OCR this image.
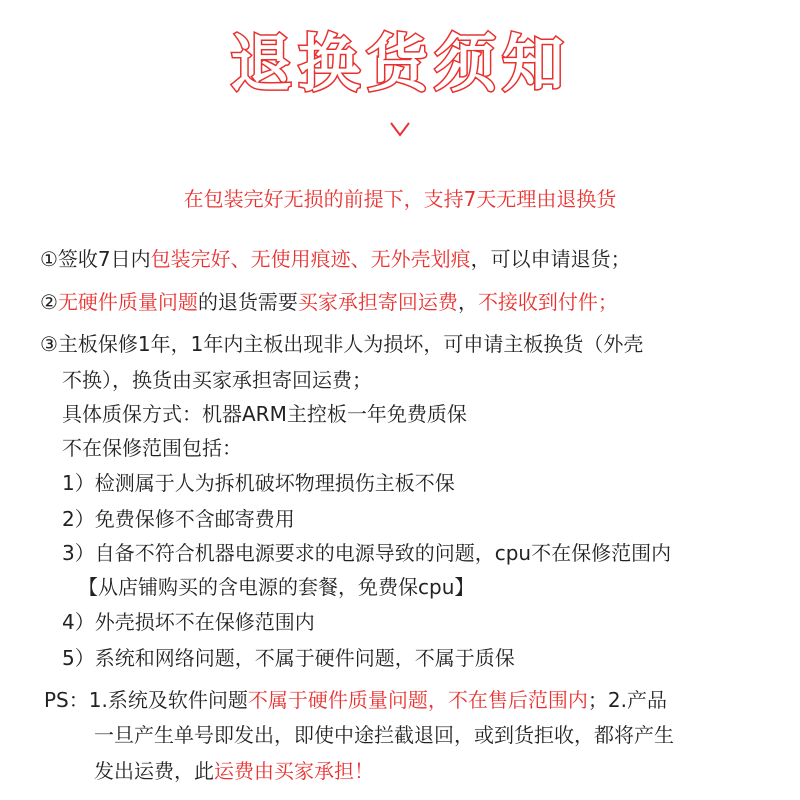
退换货须知
在包装完好无损的前提下，支持7天无理由退换货
①签收7日内包装完好、无使用痕迹、无外壳划痕，可以申请退货；
②无硬件质量问题的退货需要买家承担寄回运费，不接收到付件；
③主板保修1年，1年内主板出现非人为损坏，可申请主板换货（外壳
不换），换货由买家承担寄回运费；
具体质保方式：机器ARM主控板一年免费质保
不在保修范围包括：
1）检测属于人为拆机破坏物理损伤主板不保
2）免费保修不含邮寄费用
3）自备不符合机器电源要求的电源导致的问题，cpu不在保修范围内
【从店铺购买的含电源的套餐，免费保cpu】
4）外壳损坏不在保修范围内
5）系统和网络问题，不属于硬件问题，不属于质保
PS：1.系统及软件问题不属于硬件质量问题，不在售后范围内；2.产品
一旦产生单号即发出，即使中途拦截退回，或到货拒收，都将产生
发出运费，此运费由买家承担！
